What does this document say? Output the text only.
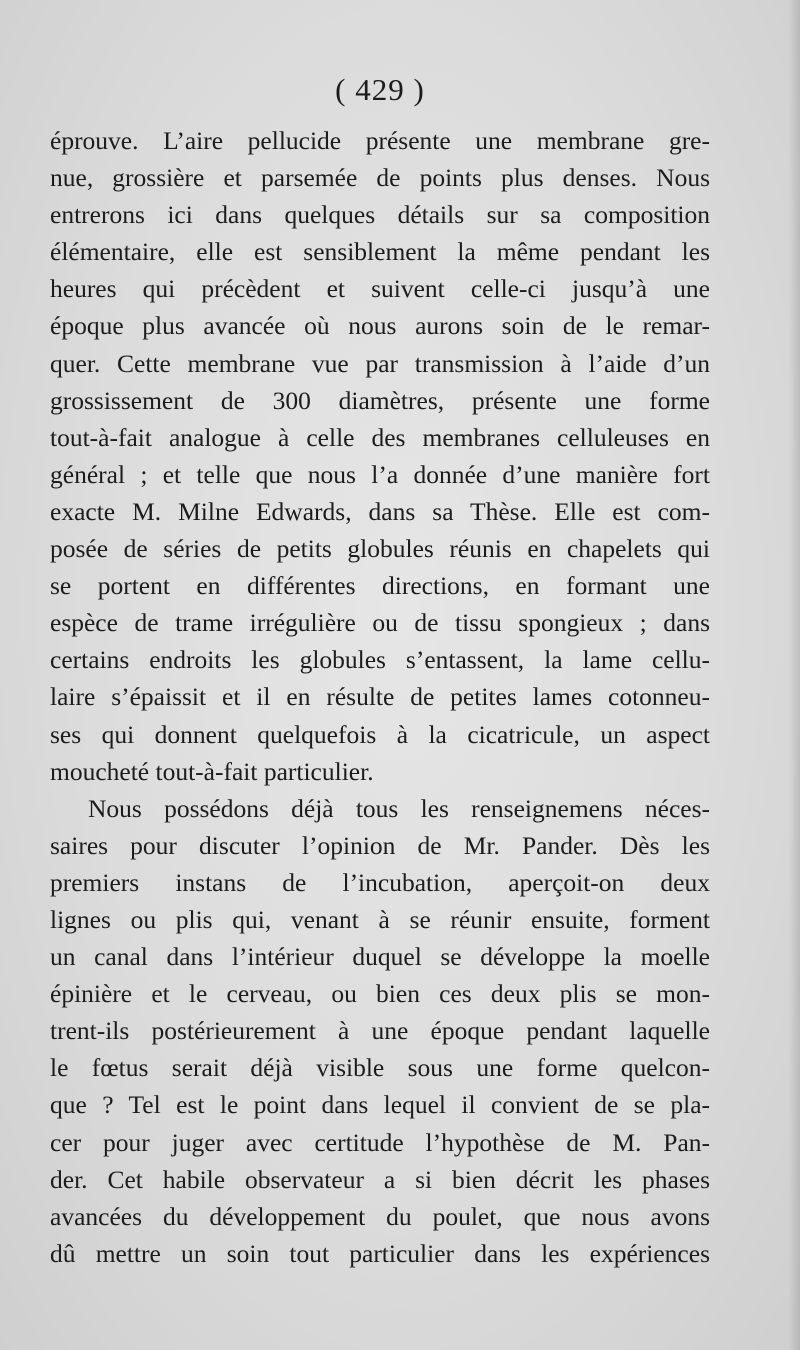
( 429 )
éprouve. L’aire pellucide présente une membrane gre-
nue, grossière et parsemée de points plus denses. Nous
entrerons ici dans quelques détails sur sa composition
élémentaire, elle est sensiblement la même pendant les
heures qui précèdent et suivent celle-ci jusqu’à une
époque plus avancée où nous aurons soin de le remar-
quer. Cette membrane vue par transmission à l’aide d’un
grossissement de 300 diamètres, présente une forme
tout-à-fait analogue à celle des membranes celluleuses en
général ; et telle que nous l’a donnée d’une manière fort
exacte M. Milne Edwards, dans sa Thèse. Elle est com-
posée de séries de petits globules réunis en chapelets qui
se portent en différentes directions, en formant une
espèce de trame irrégulière ou de tissu spongieux ; dans
certains endroits les globules s’entassent, la lame cellu-
laire s’épaissit et il en résulte de petites lames cotonneu-
ses qui donnent quelquefois à la cicatricule, un aspect
moucheté tout-à-fait particulier.
Nous possédons déjà tous les renseignemens néces-
saires pour discuter l’opinion de Mr. Pander. Dès les
premiers instans de l’incubation, aperçoit-on deux
lignes ou plis qui, venant à se réunir ensuite, forment
un canal dans l’intérieur duquel se développe la moelle
épinière et le cerveau, ou bien ces deux plis se mon-
trent-ils postérieurement à une époque pendant laquelle
le fœtus serait déjà visible sous une forme quelcon-
que ? Tel est le point dans lequel il convient de se pla-
cer pour juger avec certitude l’hypothèse de M. Pan-
der. Cet habile observateur a si bien décrit les phases
avancées du développement du poulet, que nous avons
dû mettre un soin tout particulier dans les expériences
